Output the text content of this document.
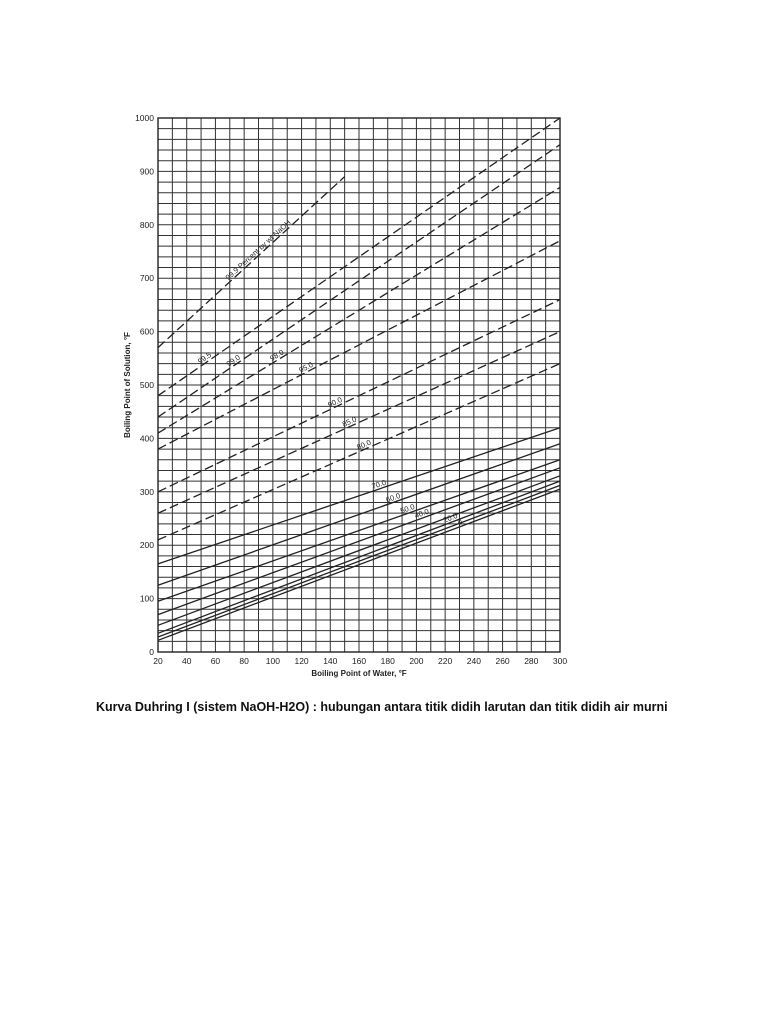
99.9 Percent by wt NaOH
99.5 99.0	98.0
95.0
90.0
85.0
80.0
70.0
60.0
50.0
40.0 20.0
0
20 40 60 80 100 120 140 160 180 200 220 240 260 280 300
0
100
200
300
400
500
600
700
800
900
1000
Boiling Point of Water, °F
Boiling Point of Solution, °F
Kurva Duhring I (sistem NaOH-H2O) : hubungan antara titik didih larutan dan titik didih air murni
